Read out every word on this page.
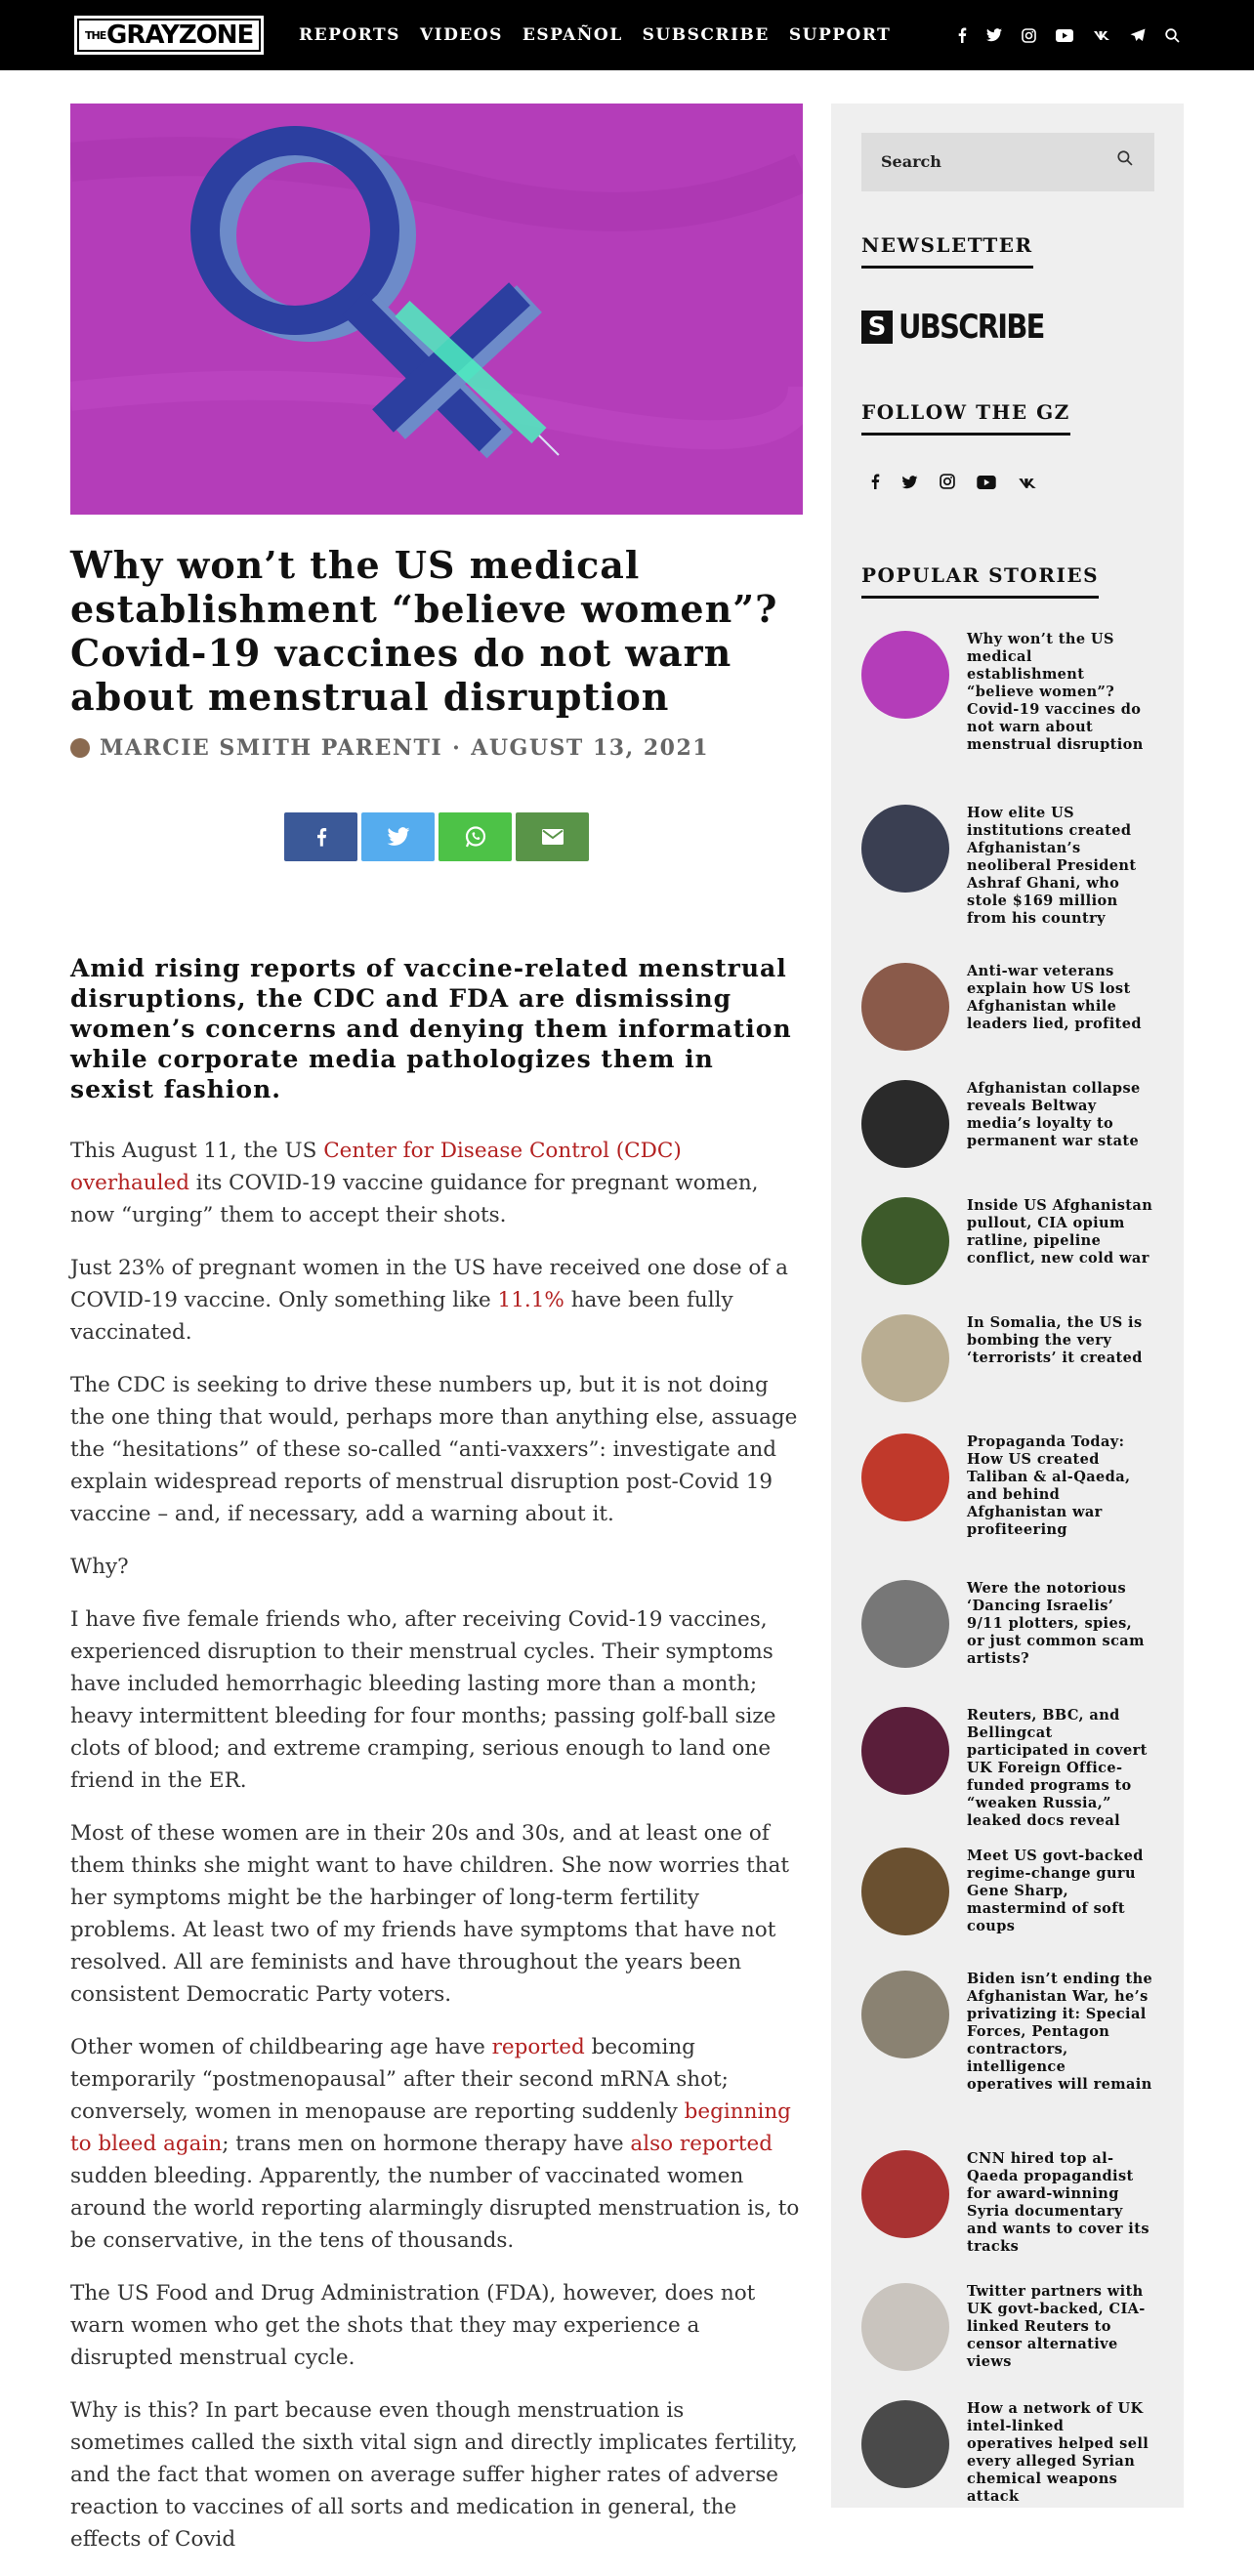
THEGRAYZONE	REPORTS VIDEOS ESPAÑOL SUBSCRIBE SUPPORT
Why won’t the US medical establishment “believe women”? Covid-19 vaccines do not warn about menstrual disruption
MARCIE SMITH PARENTI · AUGUST 13, 2021

Amid rising reports of vaccine-related menstrual disruptions, the CDC and FDA are dismissing women’s concerns and denying them information while corporate media pathologizes them in sexist fashion.

This August 11, the US Center for Disease Control (CDC) overhauled its COVID-19 vaccine guidance for pregnant women, now “urging” them to accept their shots.

Just 23% of pregnant women in the US have received one dose of a COVID-19 vaccine. Only something like 11.1% have been fully vaccinated.

The CDC is seeking to drive these numbers up, but it is not doing the one thing that would, perhaps more than anything else, assuage the “hesitations” of these so-called “anti-vaxxers”: investigate and explain widespread reports of menstrual disruption post-Covid 19 vaccine – and, if necessary, add a warning about it.

Why?

I have five female friends who, after receiving Covid-19 vaccines, experienced disruption to their menstrual cycles. Their symptoms have included hemorrhagic bleeding lasting more than a month; heavy intermittent bleeding for four months; passing golf-ball size clots of blood; and extreme cramping, serious enough to land one friend in the ER.

Most of these women are in their 20s and 30s, and at least one of them thinks she might want to have children. She now worries that her symptoms might be the harbinger of long-term fertility problems. At least two of my friends have symptoms that have not resolved. All are feminists and have throughout the years been consistent Democratic Party voters.

Other women of childbearing age have reported becoming temporarily “postmenopausal” after their second mRNA shot; conversely, women in menopause are reporting suddenly beginning to bleed again; trans men on hormone therapy have also reported sudden bleeding. Apparently, the number of vaccinated women around the world reporting alarmingly disrupted menstruation is, to be conservative, in the tens of thousands.

The US Food and Drug Administration (FDA), however, does not warn women who get the shots that they may experience a disrupted menstrual cycle.

Why is this? In part because even though menstruation is sometimes called the sixth vital sign and directly implicates fertility, and the fact that women on average suffer higher rates of adverse reaction to vaccines of all sorts and medication in general, the effects of Covid

Search
NEWSLETTER
S UBSCRIBE
FOLLOW THE GZ
POPULAR STORIES
Why won’t the US medical establishment “believe women”? Covid-19 vaccines do not warn about menstrual disruption
How elite US institutions created Afghanistan’s neoliberal President Ashraf Ghani, who stole $169 million from his country
Anti-war veterans explain how US lost Afghanistan while leaders lied, profited
Afghanistan collapse reveals Beltway media’s loyalty to permanent war state
Inside US Afghanistan pullout, CIA opium ratline, pipeline conflict, new cold war
In Somalia, the US is bombing the very ‘terrorists’ it created
Propaganda Today: How US created Taliban & al-Qaeda, and behind Afghanistan war profiteering
Were the notorious ‘Dancing Israelis’ 9/11 plotters, spies, or just common scam artists?
Reuters, BBC, and Bellingcat participated in covert UK Foreign Office-funded programs to “weaken Russia,” leaked docs reveal
Meet US govt-backed regime-change guru Gene Sharp, mastermind of soft coups
Biden isn’t ending the Afghanistan War, he’s privatizing it: Special Forces, Pentagon contractors, intelligence operatives will remain
CNN hired top al-Qaeda propagandist for award-winning Syria documentary and wants to cover its tracks
Twitter partners with UK govt-backed, CIA-linked Reuters to censor alternative views
How a network of UK intel-linked operatives helped sell every alleged Syrian chemical weapons attack
